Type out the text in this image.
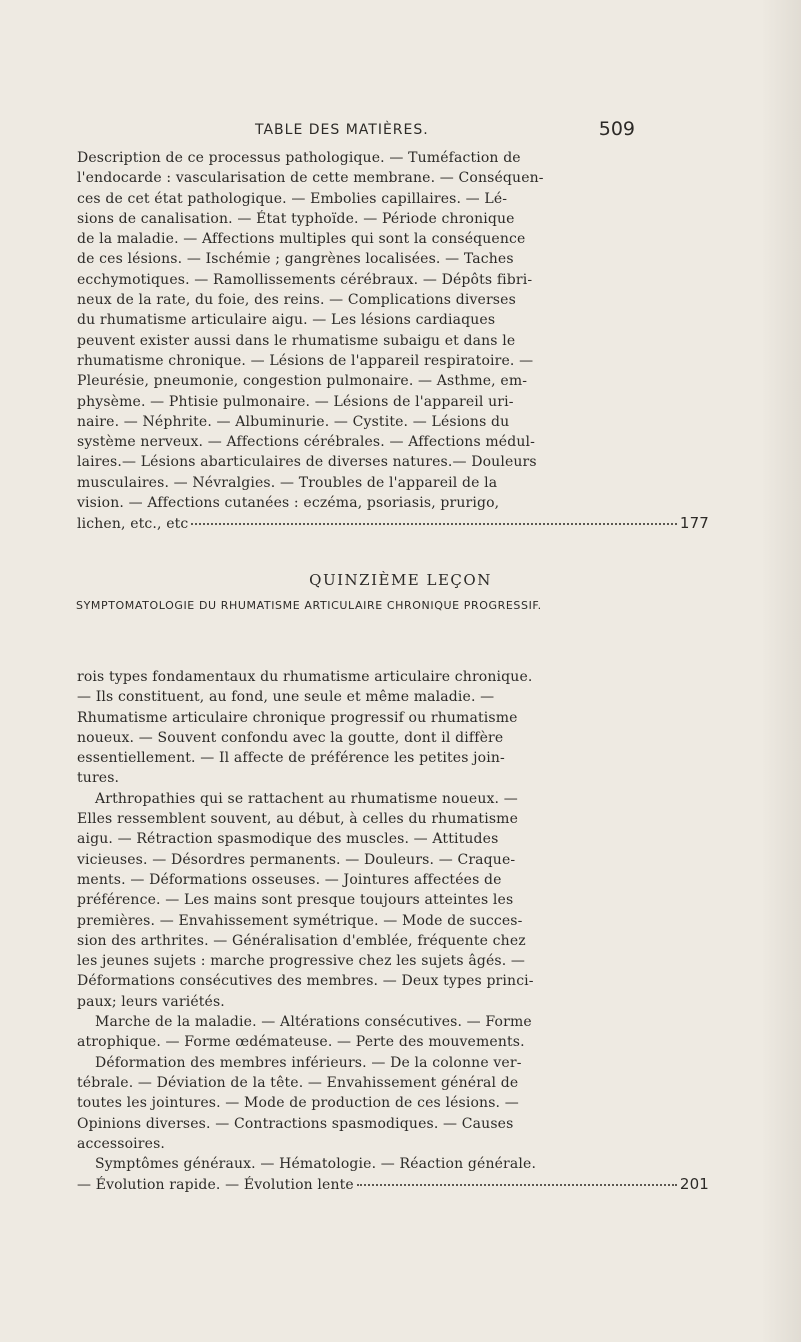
TABLE DES MATIÈRES.	509
Description de ce processus pathologique. — Tuméfaction de
l'endocarde : vascularisation de cette membrane. — Conséquen-
ces de cet état pathologique. — Embolies capillaires. — Lé-
sions de canalisation. — État typhoïde. — Période chronique
de la maladie. — Affections multiples qui sont la conséquence
de ces lésions. — Ischémie ; gangrènes localisées. — Taches
ecchymotiques. — Ramollissements cérébraux. — Dépôts fibri-
neux de la rate, du foie, des reins. — Complications diverses
du rhumatisme articulaire aigu. — Les lésions cardiaques
peuvent exister aussi dans le rhumatisme subaigu et dans le
rhumatisme chronique. — Lésions de l'appareil respiratoire. —
Pleurésie, pneumonie, congestion pulmonaire. — Asthme, em-
physème. — Phtisie pulmonaire. — Lésions de l'appareil uri-
naire. — Néphrite. — Albuminurie. — Cystite. — Lésions du
système nerveux. — Affections cérébrales. — Affections médul-
laires.— Lésions abarticulaires de diverses natures.— Douleurs
musculaires. — Névralgies. — Troubles de l'appareil de la
vision. — Affections cutanées : eczéma, psoriasis, prurigo,
lichen, etc., etc	177
QUINZIÈME LEÇON
SYMPTOMATOLOGIE DU RHUMATISME ARTICULAIRE CHRONIQUE PROGRESSIF.
rois types fondamentaux du rhumatisme articulaire chronique.
— Ils constituent, au fond, une seule et même maladie. —
Rhumatisme articulaire chronique progressif ou rhumatisme
noueux. — Souvent confondu avec la goutte, dont il diffère
essentiellement. — Il affecte de préférence les petites join-
tures.
Arthropathies qui se rattachent au rhumatisme noueux. —
Elles ressemblent souvent, au début, à celles du rhumatisme
aigu. — Rétraction spasmodique des muscles. — Attitudes
vicieuses. — Désordres permanents. — Douleurs. — Craque-
ments. — Déformations osseuses. — Jointures affectées de
préférence. — Les mains sont presque toujours atteintes les
premières. — Envahissement symétrique. — Mode de succes-
sion des arthrites. — Généralisation d'emblée, fréquente chez
les jeunes sujets : marche progressive chez les sujets âgés. —
Déformations consécutives des membres. — Deux types princi-
paux; leurs variétés.
Marche de la maladie. — Altérations consécutives. — Forme
atrophique. — Forme œdémateuse. — Perte des mouvements.
Déformation des membres inférieurs. — De la colonne ver-
tébrale. — Déviation de la tête. — Envahissement général de
toutes les jointures. — Mode de production de ces lésions. —
Opinions diverses. — Contractions spasmodiques. — Causes
accessoires.
Symptômes généraux. — Hématologie. — Réaction générale.
— Évolution rapide. — Évolution lente	201
